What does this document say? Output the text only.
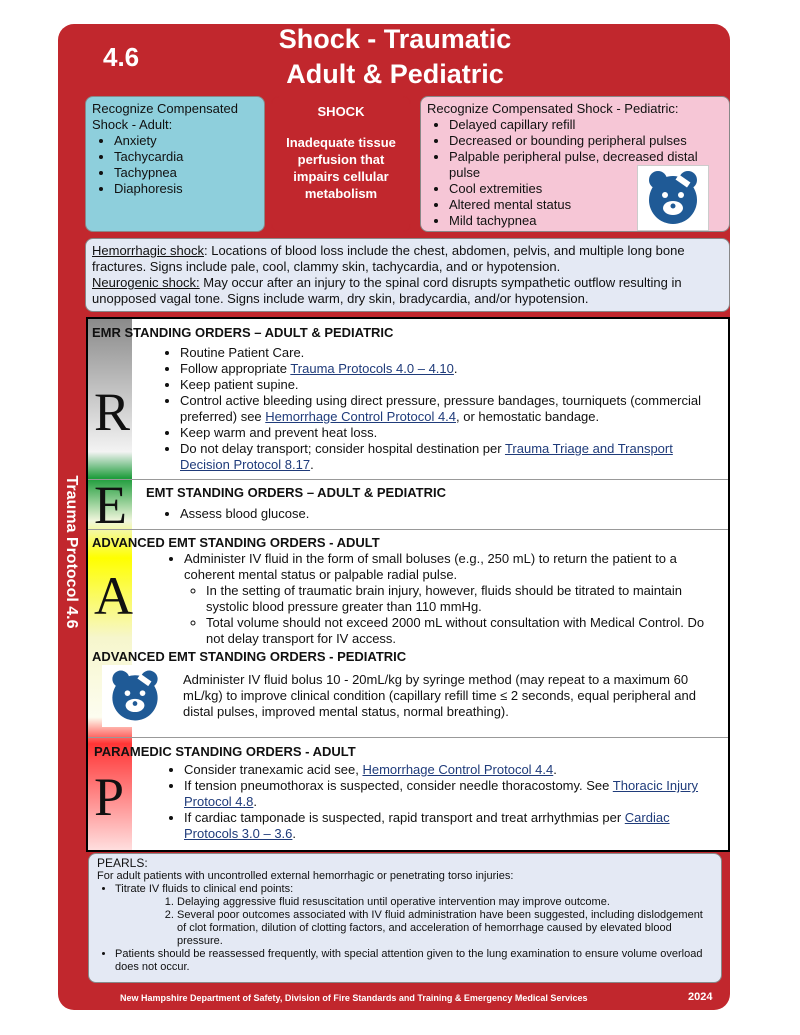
4.6
Shock - Traumatic
Adult & Pediatric
Trauma Protocol 4.6
Recognize Compensated Shock - Adult:
• Anxiety
• Tachycardia
• Tachypnea
• Diaphoresis
SHOCK
Inadequate tissue perfusion that impairs cellular metabolism
Recognize Compensated Shock - Pediatric:
• Delayed capillary refill
• Decreased or bounding peripheral pulses
• Palpable peripheral pulse, decreased distal pulse
• Cool extremities
• Altered mental status
• Mild tachypnea
Hemorrhagic shock: Locations of blood loss include the chest, abdomen, pelvis, and multiple long bone fractures. Signs include pale, cool, clammy skin, tachycardia, and or hypotension.
Neurogenic shock: May occur after an injury to the spinal cord disrupts sympathetic outflow resulting in unopposed vagal tone. Signs include warm, dry skin, bradycardia, and/or hypotension.
R
EMR STANDING ORDERS – ADULT & PEDIATRIC
• Routine Patient Care.
• Follow appropriate Trauma Protocols 4.0 – 4.10.
• Keep patient supine.
• Control active bleeding using direct pressure, pressure bandages, tourniquets (commercial preferred) see Hemorrhage Control Protocol 4.4, or hemostatic bandage.
• Keep warm and prevent heat loss.
• Do not delay transport; consider hospital destination per Trauma Triage and Transport Decision Protocol 8.17.
E EMT STANDING ORDERS – ADULT & PEDIATRIC
• Assess blood glucose.
A
ADVANCED EMT STANDING ORDERS - ADULT
• Administer IV fluid in the form of small boluses (e.g., 250 mL) to return the patient to a coherent mental status or palpable radial pulse.
◦ In the setting of traumatic brain injury, however, fluids should be titrated to maintain systolic blood pressure greater than 110 mmHg.
◦ Total volume should not exceed 2000 mL without consultation with Medical Control. Do not delay transport for IV access.
ADVANCED EMT STANDING ORDERS - PEDIATRIC
Administer IV fluid bolus 10 - 20mL/kg by syringe method (may repeat to a maximum 60 mL/kg) to improve clinical condition (capillary refill time ≤ 2 seconds, equal peripheral and distal pulses, improved mental status, normal breathing).
P
PARAMEDIC STANDING ORDERS - ADULT
• Consider tranexamic acid see, Hemorrhage Control Protocol 4.4.
• If tension pneumothorax is suspected, consider needle thoracostomy. See Thoracic Injury Protocol 4.8.
• If cardiac tamponade is suspected, rapid transport and treat arrhythmias per Cardiac Protocols 3.0 – 3.6.
PEARLS:
For adult patients with uncontrolled external hemorrhagic or penetrating torso injuries:
• Titrate IV fluids to clinical end points:
1. Delaying aggressive fluid resuscitation until operative intervention may improve outcome.
2. Several poor outcomes associated with IV fluid administration have been suggested, including dislodgement of clot formation, dilution of clotting factors, and acceleration of hemorrhage caused by elevated blood pressure.
• Patients should be reassessed frequently, with special attention given to the lung examination to ensure volume overload does not occur.
New Hampshire Department of Safety, Division of Fire Standards and Training & Emergency Medical Services	2024
